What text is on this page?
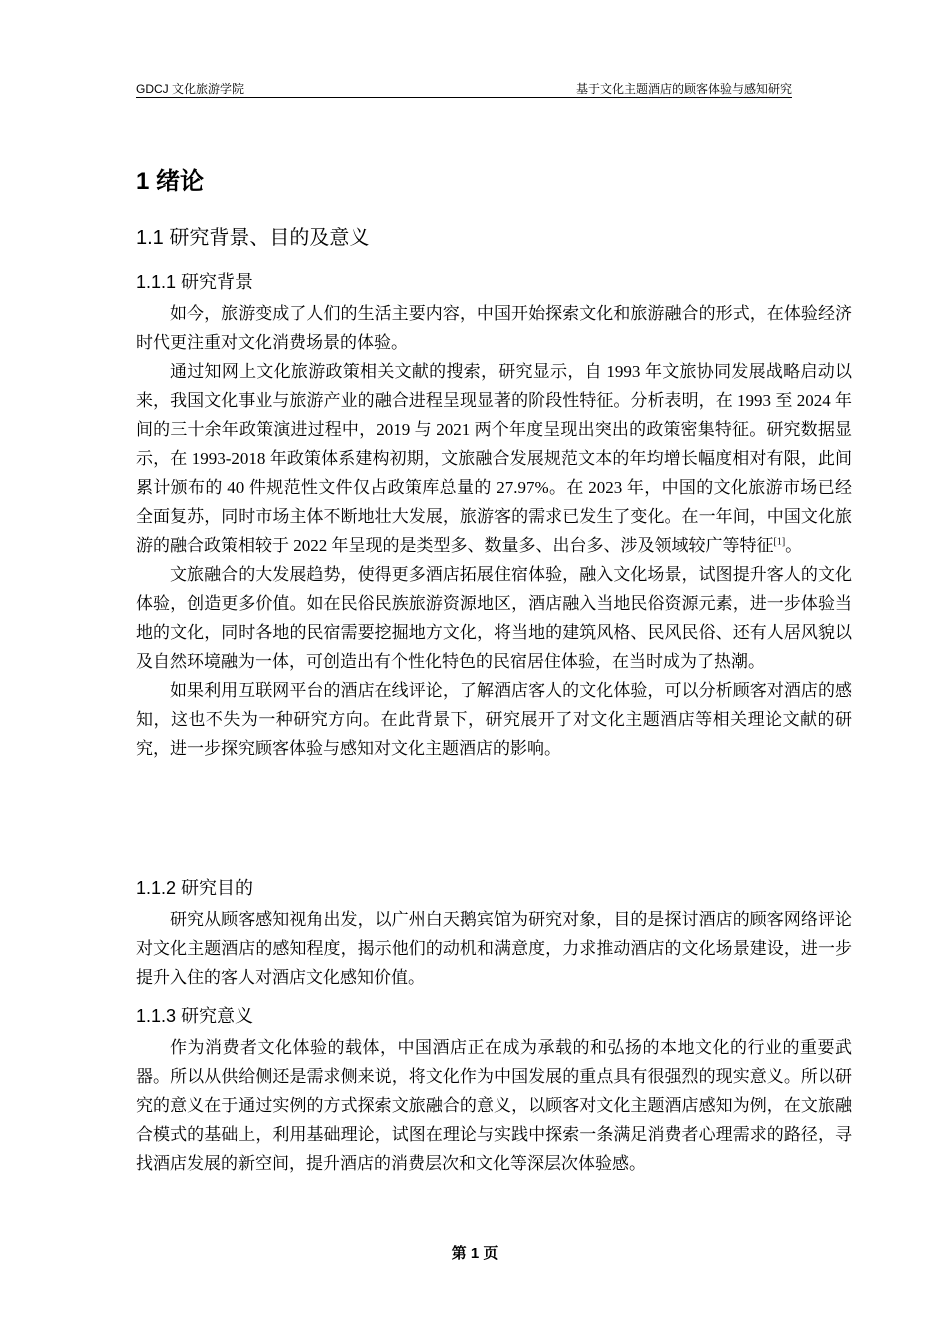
GDCJ 文化旅游学院	基于文化主题酒店的顾客体验与感知研究
1 绪论
1.1 研究背景、目的及意义
1.1.1 研究背景

如今，旅游变成了人们的生活主要内容，中国开始探索文化和旅游融合的形式，在体验经济时代更注重对文化消费场景的体验。

通过知网上文化旅游政策相关文献的搜索，研究显示，自 1993 年文旅协同发展战略启动以来，我国文化事业与旅游产业的融合进程呈现显著的阶段性特征。分析表明，在 1993 至 2024 年间的三十余年政策演进过程中，2019 与 2021 两个年度呈现出突出的政策密集特征。研究数据显示，在 1993-2018 年政策体系建构初期，文旅融合发展规范文本的年均增长幅度相对有限，此间累计颁布的 40 件规范性文件仅占政策库总量的 27.97%。在 2023 年，中国的文化旅游市场已经全面复苏，同时市场主体不断地壮大发展，旅游客的需求已发生了变化。在一年间，中国文化旅游的融合政策相较于 2022 年呈现的是类型多、数量多、出台多、涉及领域较广等特征[1]。

文旅融合的大发展趋势，使得更多酒店拓展住宿体验，融入文化场景，试图提升客人的文化体验，创造更多价值。如在民俗民族旅游资源地区，酒店融入当地民俗资源元素，进一步体验当地的文化，同时各地的民宿需要挖掘地方文化，将当地的建筑风格、民风民俗、还有人居风貌以及自然环境融为一体，可创造出有个性化特色的民宿居住体验，在当时成为了热潮。

如果利用互联网平台的酒店在线评论，了解酒店客人的文化体验，可以分析顾客对酒店的感知，这也不失为一种研究方向。在此背景下，研究展开了对文化主题酒店等相关理论文献的研究，进一步探究顾客体验与感知对文化主题酒店的影响。

1.1.2 研究目的

研究从顾客感知视角出发，以广州白天鹅宾馆为研究对象，目的是探讨酒店的顾客网络评论对文化主题酒店的感知程度，揭示他们的动机和满意度，力求推动酒店的文化场景建设，进一步提升入住的客人对酒店文化感知价值。

1.1.3 研究意义

作为消费者文化体验的载体，中国酒店正在成为承载的和弘扬的本地文化的行业的重要武器。所以从供给侧还是需求侧来说，将文化作为中国发展的重点具有很强烈的现实意义。所以研究的意义在于通过实例的方式探索文旅融合的意义，以顾客对文化主题酒店感知为例，在文旅融合模式的基础上，利用基础理论，试图在理论与实践中探索一条满足消费者心理需求的路径，寻找酒店发展的新空间，提升酒店的消费层次和文化等深层次体验感。

第 1 页
